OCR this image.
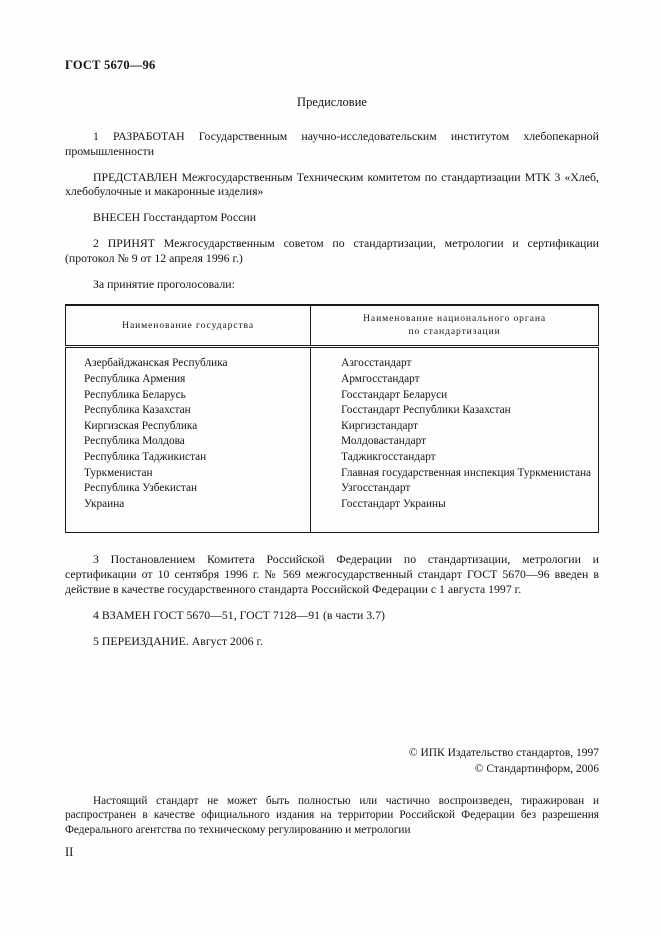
ГОСТ 5670—96
Предисловие

1 РАЗРАБОТАН Государственным научно-исследовательским институтом хлебопекарной промышленности

ПРЕДСТАВЛЕН Межгосударственным Техническим комитетом по стандартизации МТК 3 «Хлеб, хлебобулочные и макаронные изделия»

ВНЕСЕН Госстандартом России

2 ПРИНЯТ Межгосударственным советом по стандартизации, метрологии и сертификации (протокол № 9 от 12 апреля 1996 г.)

За принятие проголосовали:

Наименование государства	Наименование национального органа
по стандартизации

Азербайджанская Республика	Азгосстандарт
Республика Армения	Армгосстандарт
Республика Беларусь	Госстандарт Беларуси
Республика Казахстан	Госстандарт Республики Казахстан
Киргизская Республика	Киргизстандарт
Республика Молдова	Молдовастандарт
Республика Таджикистан	Таджикгосстандарт
Туркменистан	Главная государственная инспекция Туркменистана
Республика Узбекистан	Узгосстандарт
Украина	Госстандарт Украины

3 Постановлением Комитета Российской Федерации по стандартизации, метрологии и сертификации от 10 сентября 1996 г. № 569 межгосударственный стандарт ГОСТ 5670—96 введен в действие в качестве государственного стандарта Российской Федерации с 1 августа 1997 г.

4 ВЗАМЕН ГОСТ 5670—51, ГОСТ 7128—91 (в части 3.7)

5 ПЕРЕИЗДАНИЕ. Август 2006 г.

© ИПК Издательство стандартов, 1997
© Стандартинформ, 2006

Настоящий стандарт не может быть полностью или частично воспроизведен, тиражирован и распространен в качестве официального издания на территории Российской Федерации без разрешения Федерального агентства по техническому регулированию и метрологии

II
